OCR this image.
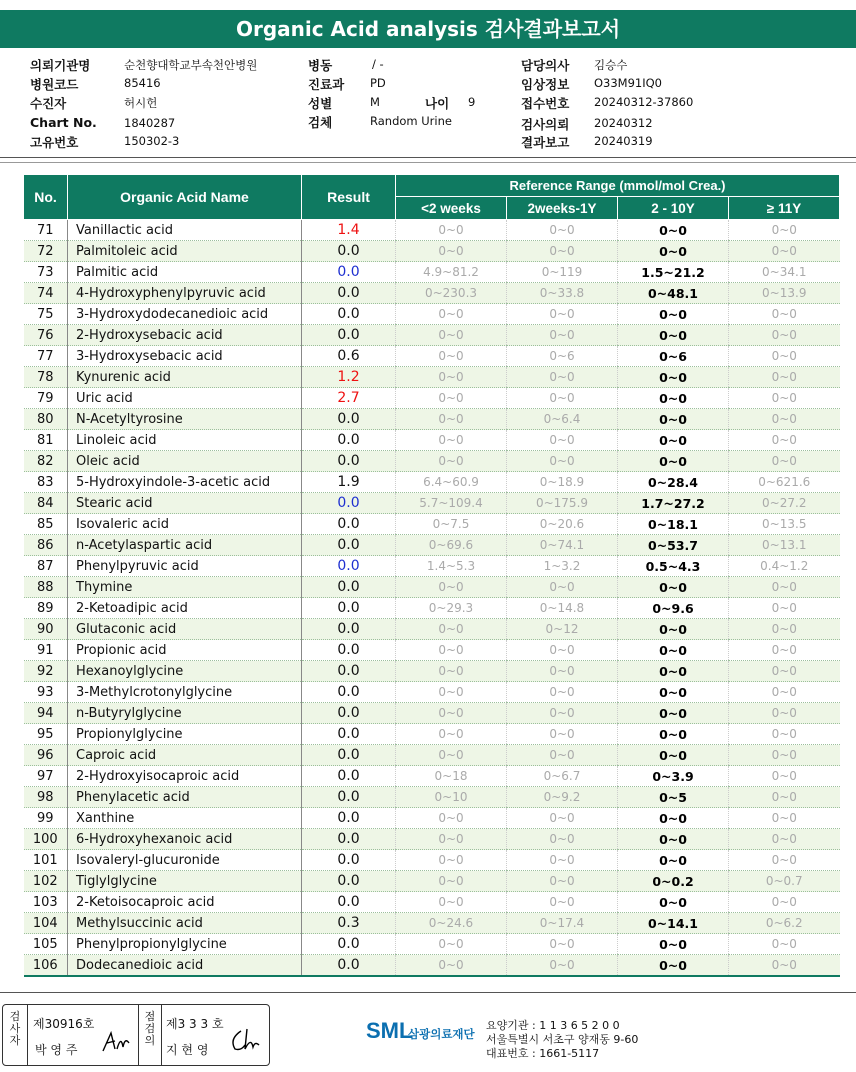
Organic Acid analysis 검사결과보고서
의뢰기관명	순천향대학교부속천안병원
병원코드	85416
수진자	허시헌
Chart No. 1840287
고유번호	150302-3
병동	/ -
진료과 PD
성별	M	나이 9
검체	Random Urine
담당의사 김승수
임상정보 O33M91IQ0
접수번호 20240312-37860
검사의뢰 20240312
결과보고 20240319
No.	Organic Acid Name	Result	Reference Range (mmol/mol Crea.)			
			<2 weeks	2weeks-1Y	2 - 10Y	≥ 11Y
71	Vanillactic acid	1.4	0~0	0~0	0~0	0~0
72	Palmitoleic acid	0.0	0~0	0~0	0~0	0~0
73	Palmitic acid	0.0	4.9~81.2	0~119	1.5~21.2	0~34.1
74	4-Hydroxyphenylpyruvic acid	0.0	0~230.3	0~33.8	0~48.1	0~13.9
75	3-Hydroxydodecanedioic acid	0.0	0~0	0~0	0~0	0~0
76	2-Hydroxysebacic acid	0.0	0~0	0~0	0~0	0~0
77	3-Hydroxysebacic acid	0.6	0~0	0~6	0~6	0~0
78	Kynurenic acid	1.2	0~0	0~0	0~0	0~0
79	Uric acid	2.7	0~0	0~0	0~0	0~0
80	N-Acetyltyrosine	0.0	0~0	0~6.4	0~0	0~0
81	Linoleic acid	0.0	0~0	0~0	0~0	0~0
82	Oleic acid	0.0	0~0	0~0	0~0	0~0
83	5-Hydroxyindole-3-acetic acid	1.9	6.4~60.9	0~18.9	0~28.4	0~621.6
84	Stearic acid	0.0	5.7~109.4	0~175.9	1.7~27.2	0~27.2
85	Isovaleric acid	0.0	0~7.5	0~20.6	0~18.1	0~13.5
86	n-Acetylaspartic acid	0.0	0~69.6	0~74.1	0~53.7	0~13.1
87	Phenylpyruvic acid	0.0	1.4~5.3	1~3.2	0.5~4.3	0.4~1.2
88	Thymine	0.0	0~0	0~0	0~0	0~0
89	2-Ketoadipic acid	0.0	0~29.3	0~14.8	0~9.6	0~0
90	Glutaconic acid	0.0	0~0	0~12	0~0	0~0
91	Propionic acid	0.0	0~0	0~0	0~0	0~0
92	Hexanoylglycine	0.0	0~0	0~0	0~0	0~0
93	3-Methylcrotonylglycine	0.0	0~0	0~0	0~0	0~0
94	n-Butyrylglycine	0.0	0~0	0~0	0~0	0~0
95	Propionylglycine	0.0	0~0	0~0	0~0	0~0
96	Caproic acid	0.0	0~0	0~0	0~0	0~0
97	2-Hydroxyisocaproic acid	0.0	0~18	0~6.7	0~3.9	0~0
98	Phenylacetic acid	0.0	0~10	0~9.2	0~5	0~0
99	Xanthine	0.0	0~0	0~0	0~0	0~0
100	6-Hydroxyhexanoic acid	0.0	0~0	0~0	0~0	0~0
101	Isovaleryl-glucuronide	0.0	0~0	0~0	0~0	0~0
102	Tiglylglycine	0.0	0~0	0~0	0~0.2	0~0.7
103	2-Ketoisocaproic acid	0.0	0~0	0~0	0~0	0~0
104	Methylsuccinic acid	0.3	0~24.6	0~17.4	0~14.1	0~6.2
105	Phenylpropionylglycine	0.0	0~0	0~0	0~0	0~0
106	Dodecanedioic acid	0.0	0~0	0~0	0~0	0~0
검사자
제30916호
박 영 주
점검의
제3 3 3 호
지 현 영
SML
삼광의료재단
요양기관 : 1 1 3 6 5 2 0 0
서울특별시 서초구 양재동 9-60
대표번호 : 1661-5117
